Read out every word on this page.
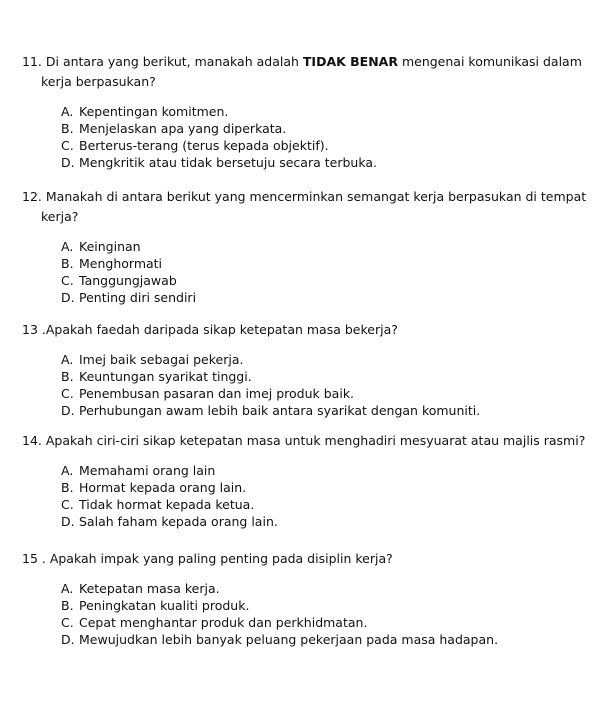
11. Di antara yang berikut, manakah adalah TIDAK BENAR mengenai komunikasi dalam kerja berpasukan?
A. Kepentingan komitmen.
B. Menjelaskan apa yang diperkata.
C. Berterus-terang (terus kepada objektif).
D. Mengkritik atau tidak bersetuju secara terbuka.
12. Manakah di antara berikut yang mencerminkan semangat kerja berpasukan di tempat kerja?
A. Keinginan
B. Menghormati
C. Tanggungjawab
D. Penting diri sendiri
13 .Apakah faedah daripada sikap ketepatan masa bekerja?
A. Imej baik sebagai pekerja.
B. Keuntungan syarikat tinggi.
C. Penembusan pasaran dan imej produk baik.
D. Perhubungan awam lebih baik antara syarikat dengan komuniti.
14. Apakah ciri-ciri sikap ketepatan masa untuk menghadiri mesyuarat atau majlis rasmi?
A. Memahami orang lain
B. Hormat kepada orang lain.
C. Tidak hormat kepada ketua.
D. Salah faham kepada orang lain.
15 . Apakah impak yang paling penting pada disiplin kerja?
A. Ketepatan masa kerja.
B. Peningkatan kualiti produk.
C. Cepat menghantar produk dan perkhidmatan.
D. Mewujudkan lebih banyak peluang pekerjaan pada masa hadapan.
